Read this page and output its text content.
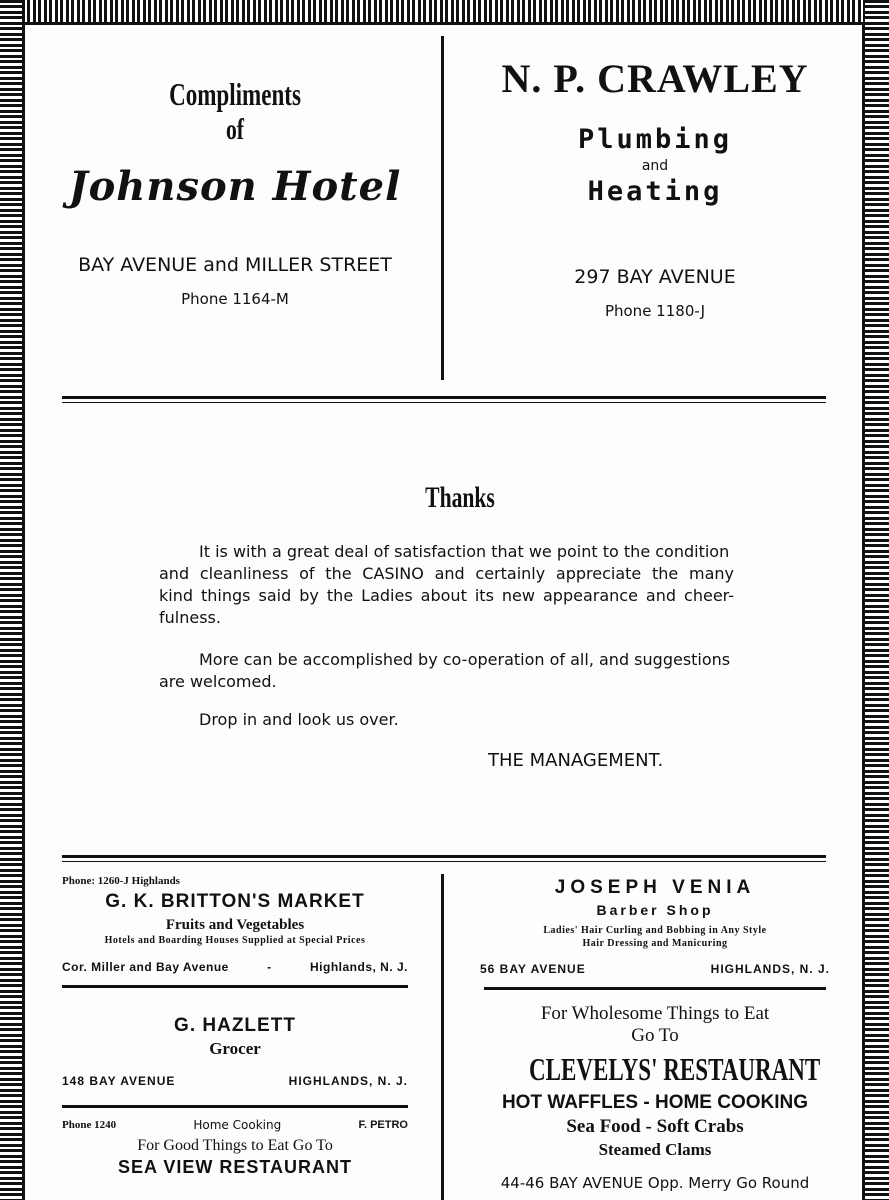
Compliments
of
Johnson Hotel
BAY AVENUE and MILLER STREET
Phone 1164-M
N. P. CRAWLEY
Plumbing
and
Heating
297 BAY AVENUE
Phone 1180-J
Thanks
It is with a great deal of satisfaction that we point to the condition
and cleanliness of the CASINO and certainly appreciate the many
kind things said by the Ladies about its new appearance and cheer-
fulness.
More can be accomplished by co-operation of all, and suggestions
are welcomed.
Drop in and look us over.
THE MANAGEMENT.
Phone: 1260-J Highlands
G. K. BRITTON'S MARKET
Fruits and Vegetables
Hotels and Boarding Houses Supplied at Special Prices
Cor. Miller and Bay Avenue	-	Highlands, N. J.
G. HAZLETT
Grocer
148 BAY AVENUE	HIGHLANDS, N. J.
Phone 1240	Home Cooking	F. PETRO
For Good Things to Eat Go To
SEA VIEW RESTAURANT
JOSEPH VENIA
Barber Shop
Ladies' Hair Curling and Bobbing in Any Style
Hair Dressing and Manicuring
56 BAY AVENUE	HIGHLANDS, N. J.
For Wholesome Things to Eat
Go To
CLEVELYS' RESTAURANT
HOT WAFFLES - HOME COOKING
Sea Food - Soft Crabs
Steamed Clams
44-46 BAY AVENUE Opp. Merry Go Round
